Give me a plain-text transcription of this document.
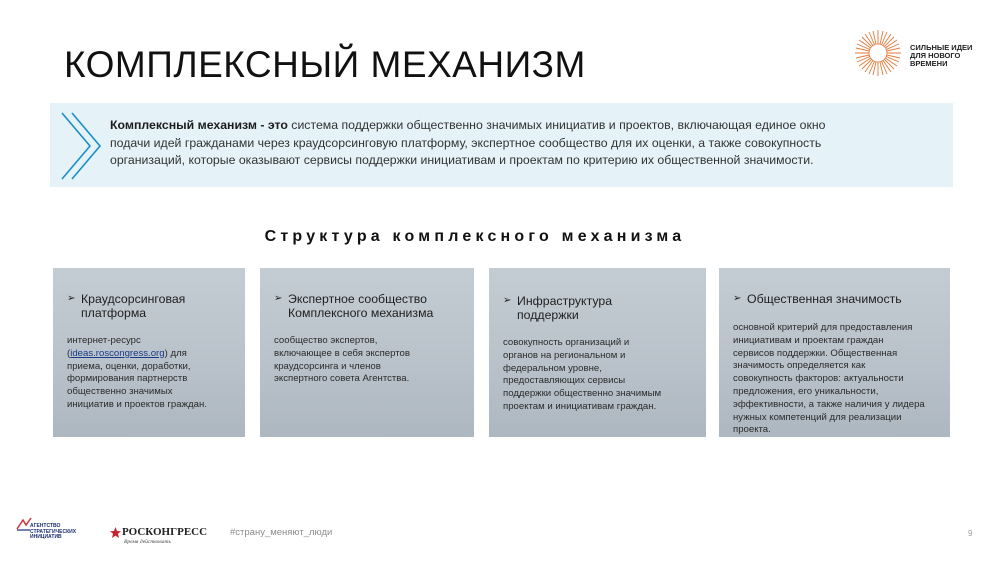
КОМПЛЕКСНЫЙ МЕХАНИЗМ	СИЛЬНЫЕ ИДЕИ
ДЛЯ НОВОГО
ВРЕМЕНИ
Комплексный механизм - это система поддержки общественно значимых инициатив и проектов, включающая единое окно
подачи идей гражданами через краудсорсинговую платформу, экспертное сообщество для их оценки, а также совокупность
организаций, которые оказывают сервисы поддержки инициативам и проектам по критерию их общественной значимости.
Структура комплексного механизма
➢ Краудсорсинговая
платформа
интернет-ресурс
(ideas.roscongress.org) для
приема, оценки, доработки,
формирования партнерств
общественно значимых
инициатив и проектов граждан.
➢ Экспертное сообщество
Комплексного механизма
сообщество экспертов,
включающее в себя экспертов
краудсорсинга и членов
экспертного совета Агентства.
➢ Инфраструктура
поддержки
совокупность организаций и
органов на региональном и
федеральном уровне,
предоставляющих сервисы
поддержки общественно значимым
проектам и инициативам граждан.
➢ Общественная значимость
основной критерий для предоставления
инициативам и проектам граждан
сервисов поддержки. Общественная
значимость определяется как
совокупность факторов: актуальности
предложения, его уникальности,
эффективности, а также наличия у лидера
нужных компетенций для реализации
проекта.
АГЕНТСТВО
СТРАТЕГИЧЕСКИХ
ИНИЦИАТИВ	РОСКОНГРЕСС
Время действовать
#страну_меняют_люди	9
